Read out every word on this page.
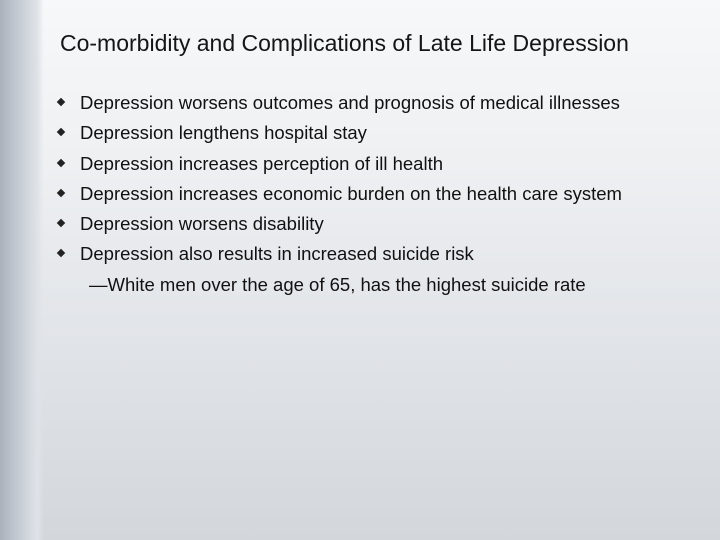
Co-morbidity and Complications of Late Life Depression
Depression worsens outcomes and prognosis of medical illnesses
Depression lengthens hospital stay
Depression increases perception of ill health
Depression increases economic burden on the health care system
Depression worsens disability
Depression also results in increased suicide risk
—White men over the age of 65, has the highest suicide rate
